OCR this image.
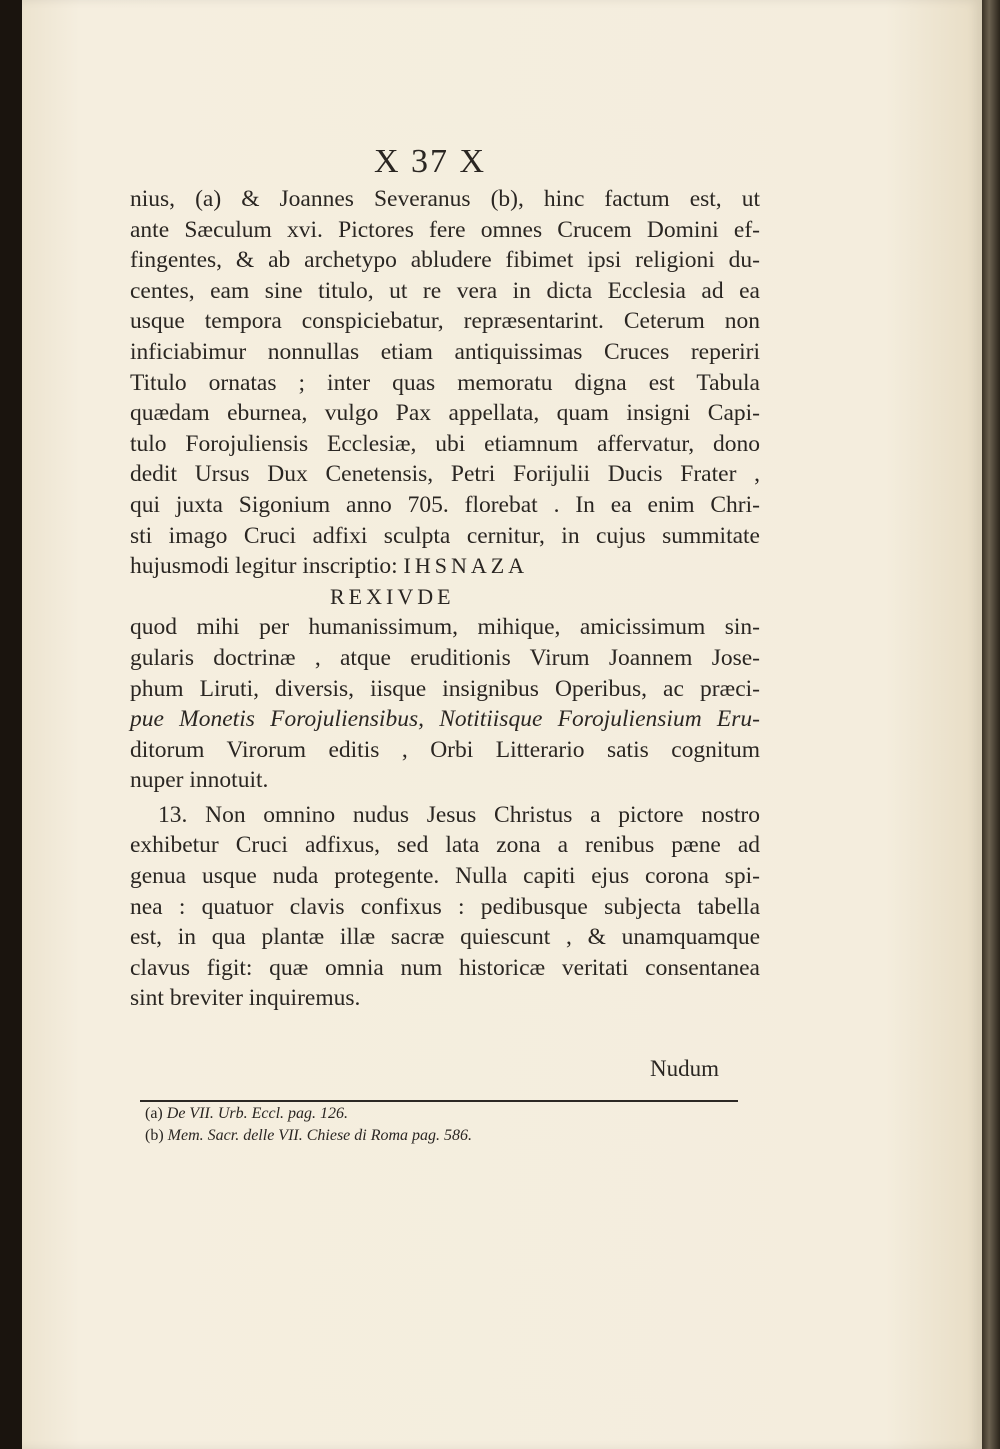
X 37 X
nius, (a) & Joannes Severanus (b), hinc factum est, ut
ante Sæculum xvi. Pictores fere omnes Crucem Domini ef-
fingentes, & ab archetypo abludere fibimet ipsi religioni du-
centes, eam sine titulo, ut re vera in dicta Ecclesia ad ea
usque tempora conspiciebatur, repræsentarint. Ceterum non
inficiabimur nonnullas etiam antiquissimas Cruces reperiri
Titulo ornatas ; inter quas memoratu digna est Tabula
quædam eburnea, vulgo Pax appellata, quam insigni Capi-
tulo Forojuliensis Ecclesiæ, ubi etiamnum affervatur, dono
dedit Ursus Dux Cenetensis, Petri Forijulii Ducis Frater ,
qui juxta Sigonium anno 705. florebat . In ea enim Chri-
sti imago Cruci adfixi sculpta cernitur, in cujus summitate
hujusmodi legitur inscriptio: IHSNAZA
REXIVDE
quod mihi per humanissimum, mihique, amicissimum sin-
gularis doctrinæ , atque eruditionis Virum Joannem Jose-
phum Liruti, diversis, iisque insignibus Operibus, ac præci-
pue Monetis Forojuliensibus, Notitiisque Forojuliensium Eru-
ditorum Virorum editis , Orbi Litterario satis cognitum
nuper innotuit.
13. Non omnino nudus Jesus Christus a pictore nostro
exhibetur Cruci adfixus, sed lata zona a renibus pæne ad
genua usque nuda protegente. Nulla capiti ejus corona spi-
nea : quatuor clavis confixus : pedibusque subjecta tabella
est, in qua plantæ illæ sacræ quiescunt , & unamquamque
clavus figit: quæ omnia num historicæ veritati consentanea
sint breviter inquiremus.
Nudum
(a) De VII. Urb. Eccl. pag. 126.
(b) Mem. Sacr. delle VII. Chiese di Roma pag. 586.
